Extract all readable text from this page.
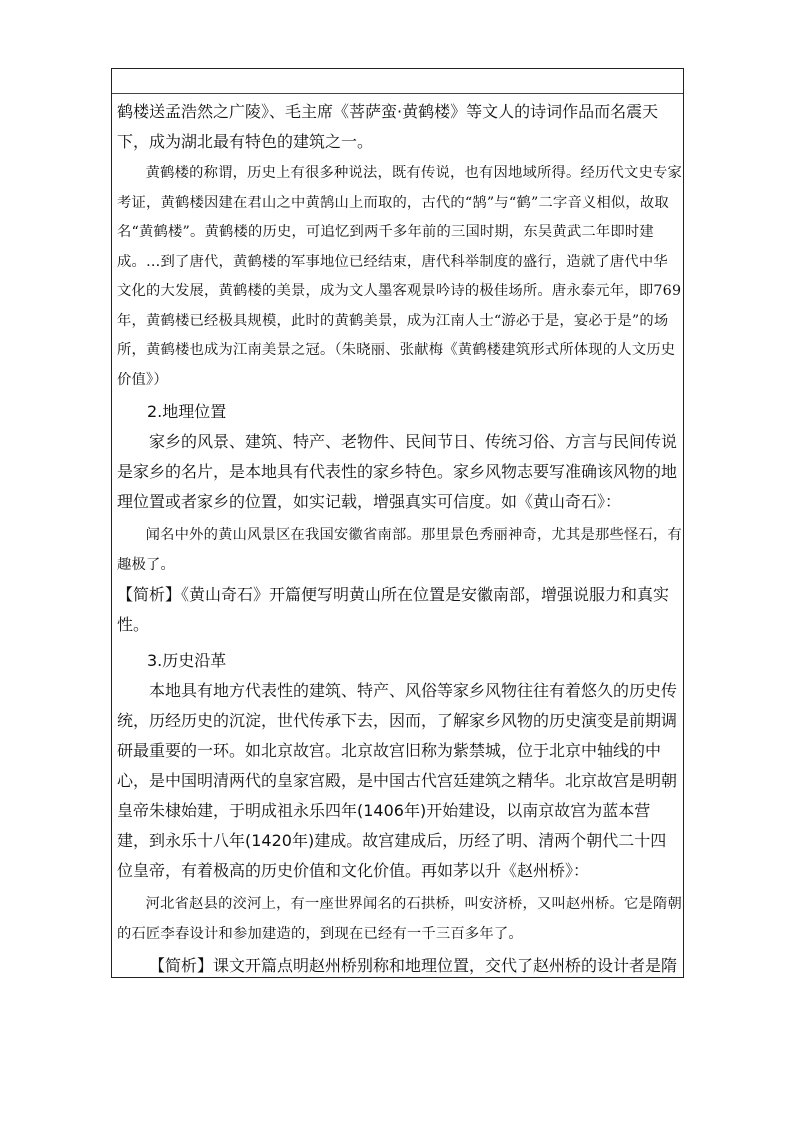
鹤楼送孟浩然之广陵》、毛主席《菩萨蛮·黄鹤楼》等文人的诗词作品而名震天下，成为湖北最有特色的建筑之一。

黄鹤楼的称谓，历史上有很多种说法，既有传说，也有因地域所得。经历代文史专家考证，黄鹤楼因建在君山之中黄鹄山上而取的，古代的“鹄”与“鹤”二字音义相似，故取名“黄鹤楼”。黄鹤楼的历史，可追忆到两千多年前的三国时期，东吴黄武二年即时建成。…到了唐代，黄鹤楼的军事地位已经结束，唐代科举制度的盛行，造就了唐代中华文化的大发展，黄鹤楼的美景，成为文人墨客观景吟诗的极佳场所。唐永泰元年，即769年，黄鹤楼已经极具规模，此时的黄鹤美景，成为江南人士“游必于是，宴必于是”的场所，黄鹤楼也成为江南美景之冠。（朱晓丽、张献梅《黄鹤楼建筑形式所体现的人文历史价值》）

2.地理位置

家乡的风景、建筑、特产、老物件、民间节日、传统习俗、方言与民间传说是家乡的名片，是本地具有代表性的家乡特色。家乡风物志要写准确该风物的地理位置或者家乡的位置，如实记载，增强真实可信度。如《黄山奇石》：

闻名中外的黄山风景区在我国安徽省南部。那里景色秀丽神奇，尤其是那些怪石，有趣极了。

【简析】《黄山奇石》开篇便写明黄山所在位置是安徽南部，增强说服力和真实性。

3.历史沿革

本地具有地方代表性的建筑、特产、风俗等家乡风物往往有着悠久的历史传统，历经历史的沉淀，世代传承下去，因而，了解家乡风物的历史演变是前期调研最重要的一环。如北京故宫。北京故宫旧称为紫禁城，位于北京中轴线的中心，是中国明清两代的皇家宫殿，是中国古代宫廷建筑之精华。北京故宫是明朝皇帝朱棣始建，于明成祖永乐四年(1406年)开始建设，以南京故宫为蓝本营建，到永乐十八年(1420年)建成。故宫建成后，历经了明、清两个朝代二十四位皇帝，有着极高的历史价值和文化价值。再如茅以升《赵州桥》：

河北省赵县的洨河上，有一座世界闻名的石拱桥，叫安济桥，又叫赵州桥。它是隋朝的石匠李春设计和参加建造的，到现在已经有一千三百多年了。

【简析】课文开篇点明赵州桥别称和地理位置，交代了赵州桥的设计者是隋
